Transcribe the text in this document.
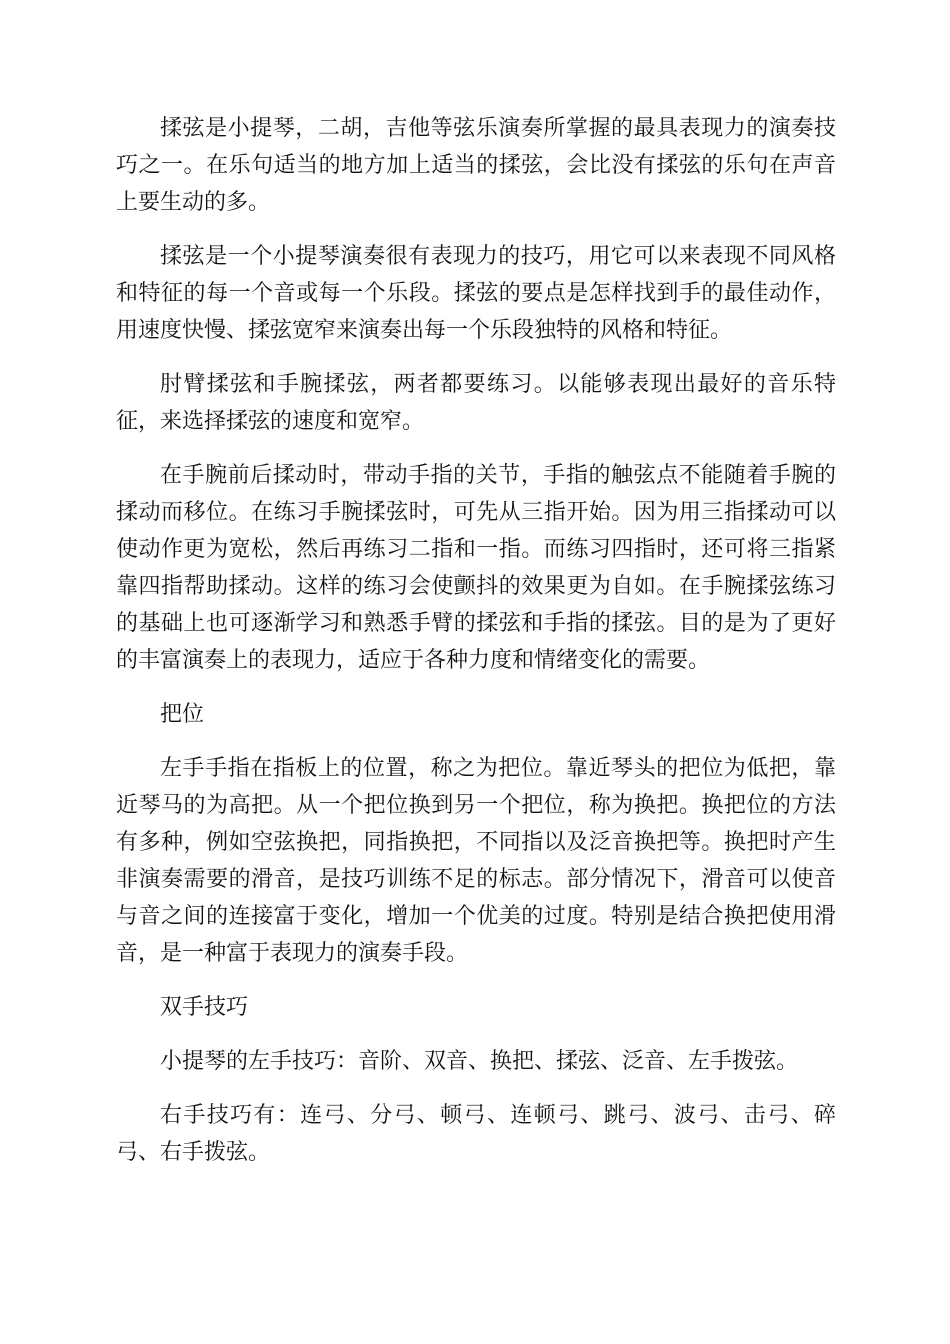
揉弦是小提琴，二胡，吉他等弦乐演奏所掌握的最具表现力的演奏技巧之一。在乐句适当的地方加上适当的揉弦，会比没有揉弦的乐句在声音上要生动的多。

揉弦是一个小提琴演奏很有表现力的技巧，用它可以来表现不同风格和特征的每一个音或每一个乐段。揉弦的要点是怎样找到手的最佳动作，用速度快慢、揉弦宽窄来演奏出每一个乐段独特的风格和特征。

肘臂揉弦和手腕揉弦，两者都要练习。以能够表现出最好的音乐特征，来选择揉弦的速度和宽窄。

在手腕前后揉动时，带动手指的关节，手指的触弦点不能随着手腕的揉动而移位。在练习手腕揉弦时，可先从三指开始。因为用三指揉动可以使动作更为宽松，然后再练习二指和一指。而练习四指时，还可将三指紧靠四指帮助揉动。这样的练习会使颤抖的效果更为自如。在手腕揉弦练习的基础上也可逐渐学习和熟悉手臂的揉弦和手指的揉弦。目的是为了更好的丰富演奏上的表现力，适应于各种力度和情绪变化的需要。

把位

左手手指在指板上的位置，称之为把位。靠近琴头的把位为低把，靠近琴马的为高把。从一个把位换到另一个把位，称为换把。换把位的方法有多种，例如空弦换把，同指换把，不同指以及泛音换把等。换把时产生非演奏需要的滑音，是技巧训练不足的标志。部分情况下，滑音可以使音与音之间的连接富于变化，增加一个优美的过度。特别是结合换把使用滑音，是一种富于表现力的演奏手段。

双手技巧

小提琴的左手技巧：音阶、双音、换把、揉弦、泛音、左手拨弦。

右手技巧有：连弓、分弓、顿弓、连顿弓、跳弓、波弓、击弓、碎弓、右手拨弦。
